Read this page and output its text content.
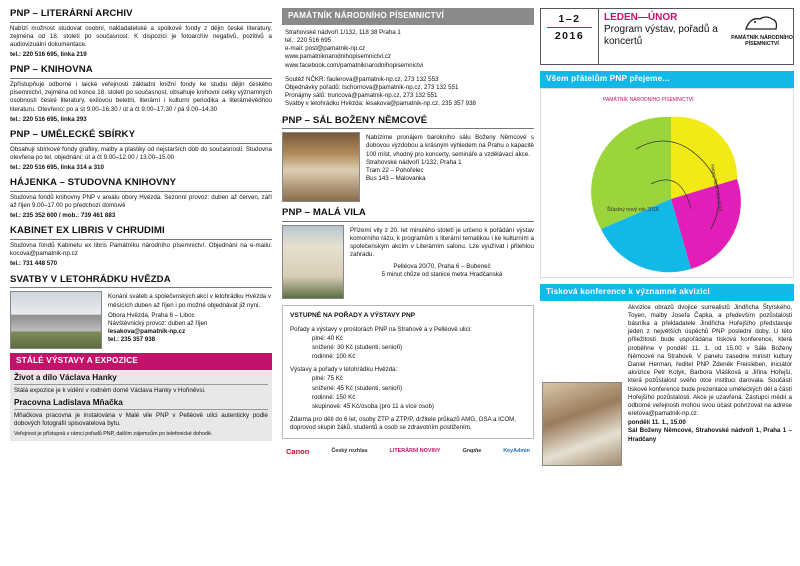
PNP – LITERÁRNÍ ARCHIV

Nabízí možnost studovat osobní, nakladatelské a spolkové fondy z dějin české literatury, zejména od 18. století po současnost. K dispozici je fotoarchiv negativů, pozitivů a audiovizuální dokumentace.

tel.: 220 516 695, linka 219

PNP – KNIHOVNA

Zpřístupňuje odborné i laické veřejnosti základní knižní fondy ke studiu dějin českého písemnictví, zejména od konce 18. století po současnost, obsahuje knihovní celky významných osobností české literatury, exilovou beletrii, literární i kulturní periodika a literárněvědnou literaturu. Otevřeno: po a st 9.00–16.30 / út a čt 9.00–17.30 / pá 9.00–14.30

tel.: 220 516 695, linka 293

PNP – UMĚLECKÉ SBÍRKY

Obsahují sbírkové fondy grafiky, malby a plastiky od nejstarších dob do současnosti. Studovna otevřena po tel. objednání: út a čt 9.00–12.00 / 13.00–15.00

tel.: 220 516 695, linka 314 a 310

HÁJENKA – STUDOVNA KNIHOVNY

Studovna fondů knihovny PNP v areálu obory Hvězda. Sezonní provoz: duben až červen, září až říjen 9.00–17.00 po předchozí domluvě

tel.: 235 352 600 / mob.: 739 461 883

KABINET EX LIBRIS V CHRUDIMI

Studovna fondů Kabinetu ex libris Památníku národního písemnictví. Objednání na e-mailu: kocova@pamatnik-np.cz

tel.: 731 448 570

SVATBY V LETOHRÁDKU HVĚZDA

Konání svateb a společenských akcí v letohrádku Hvězda v měsících duben až říjen i po možné objednávat již nyní.

Obora Hvězda, Praha 6 – Liboc

Návštěvnický provoz: duben až říjen

lesakova@pamatnik-np.cz

tel.: 235 357 938

STÁLÉ VÝSTAVY A EXPOZICE
Život a dílo Václava Hanky

Stálá expozice je k vidění v rodném domě Václava Hanky v Hořiněvsi.

Pracovna Ladislava Mňačka

Mňačkova pracovna je instalována v Malé vile PNP v Pelléově ulici autenticky podle dobových fotografií spisovatelova bytu.

Veřejnost je přístupná v rámci pořadů PNP, dalším zájemcům po telefonické dohodě.

PAMÁTNÍK NÁRODNÍHO PÍSEMNICTVÍ

Strahovské nádvoří 1/132, 118 38 Praha 1

tel.: 220 516 695

e-mail: post@pamatnik-np.cz

www.pamatniknarodnihopisemnictvi.cz

www.facebook.com/pamatniknarodnihopisemnictvi

Soutěž NČKR: faulerova@pamatnik-np.cz, 273 132 553

Objednávky pořadů: tschornova@pamatnik-np.cz, 273 132 551

Pronájmy sálů: truncova@pamatnik-np.cz, 273 132 551

Svatby v letohrádku Hvězda: lesakova@pamatnik-np.cz, 235 357 938

PNP – SÁL BOŽENY NĚMCOVÉ

Nabízíme pronájem barokního sálu Boženy Němcové s dobovou výzdobou a krásným výhledem na Prahu o kapacitě 100 míst, vhodný pro koncerty, semináře a vzdělávací akce.

Strahovské nádvoří 1/132, Praha 1

Tram 22 – Pohořelec

Bus 143 – Malovanka

PNP – MALÁ VILA

Přízemí vily z 20. let minulého století je určeno k pořádání výstav komorního rázu, k programům s literární tematikou i ke kulturním a společenským akcím v Literárním salonu. Lze využívat i přilehlou zahradu.

Pelléova 20/70, Praha 6 – Bubeneč

5 minut chůze od stanice metra Hradčanská

VSTUPNÉ NA POŘADY A VÝSTAVY PNP

Pořady a výstavy v prostorách PNP na Strahově a v Pelléově ulici:

plné: 40 Kč

snížené: 30 Kč (studenti, senioři)

rodinné: 100 Kč

Výstavy a pořady v letohrádku Hvězda:

plné: 75 Kč

snížené: 45 Kč (studenti, senioři)

rodinné: 150 Kč

skupinové: 45 Kč/osoba (pro 11 a více osob)

Zdarma pro děti do 6 let, osoby ZTP a ZTP/P, držitele průkazů AMG, GSA a ICOM, doprovod skupin žáků, studentů a osob se zdravotním postižením.

Canon	Český rozhlas	LITERÁRNÍ NOVINY	Graphe	KeyAdmin
1–2
2016
LEDEN—ÚNOR
Program výstav, pořadů a koncertů	PAMÁTNÍK NÁRODNÍHO PÍSEMNICTVÍ
Všem přátelům PNP přejeme...
PAMÁTNÍK NÁRODNÍHO PÍSEMNICTVÍ
Šťastný nový rok 2016	Happy New Year 2016
Tisková konference k významné akvizici

Akvizice obrazů dvojice surrealistů Jindřicha Štyrského, Toyen, malby Josefa Čapka, a především pozůstalosti básníka a překladatele Jindřicha Hořejšího představuje jeden z největších úspěchů PNP poslední doby. U této příležitosti bude uspořádána tisková konference, která proběhne v pondělí 11. 1. od 15.00 v Sále Boženy Němcové na Strahově. V panelu zasedne ministr kultury Daniel Herman, ředitel PNP Zdeněk Freisleben, iniciátor akvizice Petr Kotyk, Barbora Vlášková a Jiřina Hořejší, která pozůstalost svého otce instituci darovala. Součástí tiskové konference bude prezentace uměleckých děl a částí Hořejšího pozůstalosti. Akce je uzavřená. Zástupci médií a odborné veřejnosti mohou svou účast potvrzovat na adrese eretova@pamatnik-np.cz.

pondělí 11. 1., 15.00

Sál Boženy Němcové, Strahovské nádvoří 1, Praha 1 – Hradčany
